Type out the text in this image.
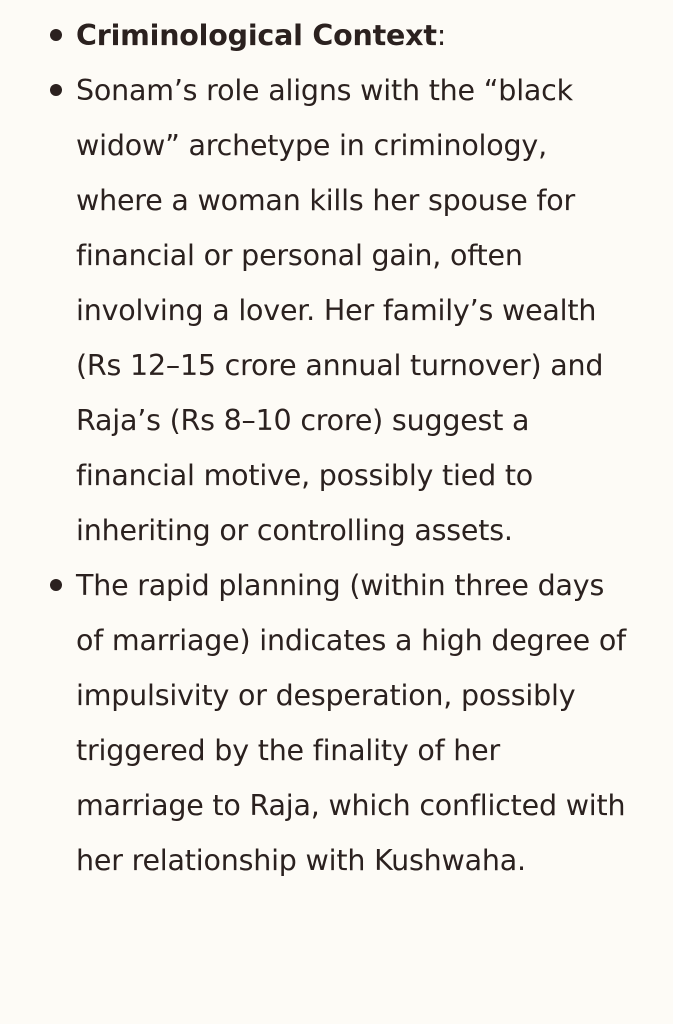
Criminological Context:
Sonam’s role aligns with the “black widow” archetype in criminology, where a woman kills her spouse for financial or personal gain, often involving a lover. Her family’s wealth (Rs 12–15 crore annual turnover) and Raja’s (Rs 8–10 crore) suggest a financial motive, possibly tied to inheriting or controlling assets.
The rapid planning (within three days of marriage) indicates a high degree of impulsivity or desperation, possibly triggered by the finality of her marriage to Raja, which conflicted with her relationship with Kushwaha.
